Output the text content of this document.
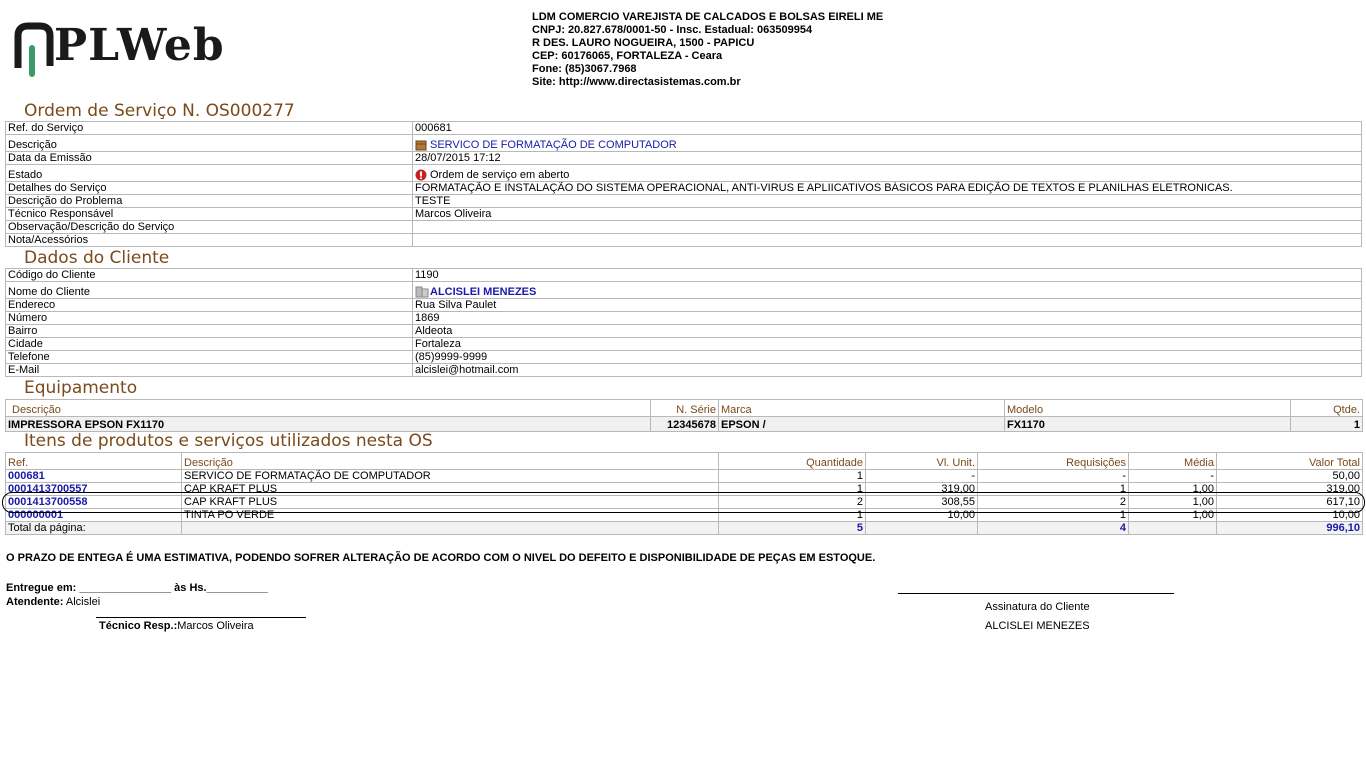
PLWeb
LDM COMERCIO VAREJISTA DE CALCADOS E BOLSAS EIRELI ME
CNPJ: 20.827.678/0001-50 - Insc. Estadual: 063509954
R DES. LAURO NOGUEIRA, 1500 - PAPICU
CEP: 60176065, FORTALEZA - Ceara
Fone: (85)3067.7968
Site: http://www.directasistemas.com.br
Ordem de Serviço N. OS000277
Ref. do Serviço	000681
Descrição	SERVICO DE FORMATAÇÃO DE COMPUTADOR
Data da Emissão	28/07/2015 17:12
Estado	Ordem de serviço em aberto
Detalhes do Serviço	FORMATAÇÃO E INSTALAÇÃO DO SISTEMA OPERACIONAL, ANTI-VIRUS E APLIICATIVOS BÁSICOS PARA EDIÇÃO DE TEXTOS E PLANILHAS ELETRONICAS.
Descrição do Problema	TESTE
Técnico Responsável	Marcos Oliveira
Observação/Descrição do Serviço	
Nota/Acessórios	
Dados do Cliente
Código do Cliente	1190
Nome do Cliente	ALCISLEI MENEZES
Endereco	Rua Silva Paulet
Número	1869
Bairro	Aldeota
Cidade	Fortaleza
Telefone	(85)9999-9999
E-Mail	alcislei@hotmail.com
Equipamento
Descrição	N. Série	Marca	Modelo	Qtde.
IMPRESSORA EPSON FX1170	12345678	EPSON /	FX1170	1
Itens de produtos e serviços utilizados nesta OS
Ref.	Descrição	Quantidade	Vl. Unit.	Requisições	Média	Valor Total
000681	SERVICO DE FORMATAÇÃO DE COMPUTADOR	1	-	-	-	50,00
0001413700557	CAP KRAFT PLUS	1	319,00	1	1,00	319,00
0001413700558	CAP KRAFT PLUS	2	308,55	2	1,00	617,10
000000001	TINTA PO VERDE	1	10,00	1	1,00	10,00
Total da página:		5		4		996,10
O PRAZO DE ENTEGA É UMA ESTIMATIVA, PODENDO SOFRER ALTERAÇÃO DE ACORDO COM O NIVEL DO DEFEITO E DISPONIBILIDADE DE PEÇAS EM ESTOQUE.
Entregue em: _______________ às Hs.__________
Atendente: Alcislei
Técnico Resp.:Marcos Oliveira
Assinatura do Cliente
ALCISLEI MENEZES
